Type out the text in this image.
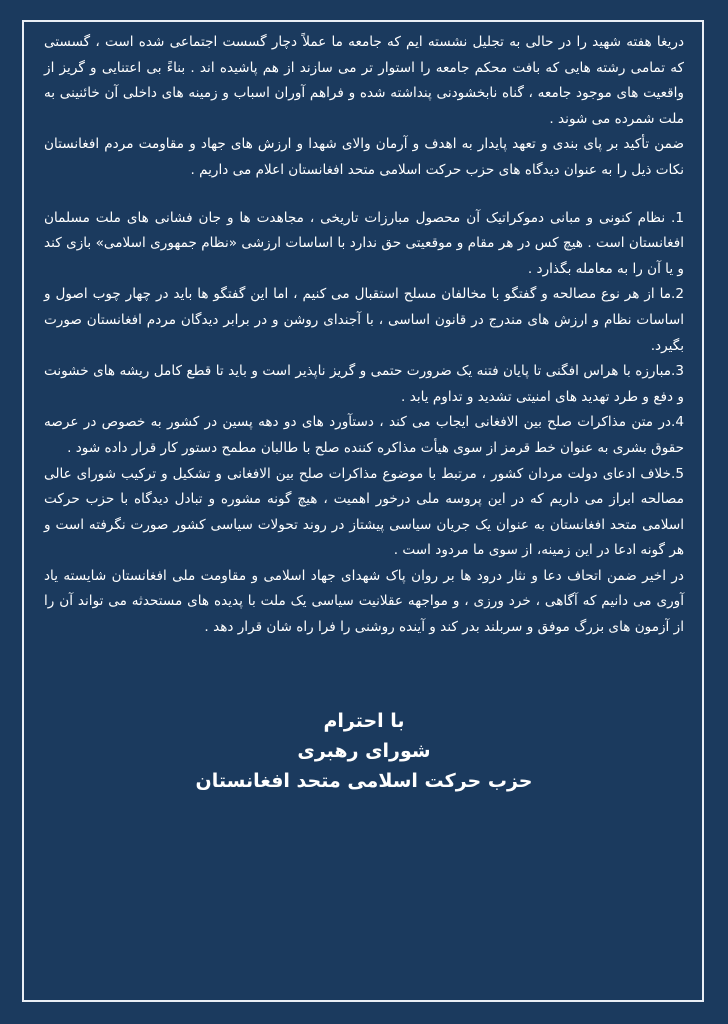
دریغا هفته شهید را در حالی به تجلیل نشسته ایم که جامعه ما عملاً دچار گسست اجتماعی شده است ، گسستی که تمامی رشته هایی که بافت محکم جامعه را استوار تر می سازند از هم پاشیده اند . بناءً بی اعتنایی و گریز از واقعیت های موجود جامعه ، گناه نابخشودنی پنداشته شده و فراهم آوران اسباب و زمینه های داخلی آن خائنینی به ملت شمرده می شوند .

ضمن تأکید بر پای بندی و تعهد پایدار به اهدف و آرمان والای شهدا و ارزش های جهاد و مقاومت مردم افغانستان نکات ذیل را به عنوان دیدگاه های حزب حرکت اسلامی متحد افغانستان اعلام می داریم .

1. نظام کنونی و مبانی دموکراتیک آن محصول مبارزات تاریخی ، مجاهدت ها و جان فشانی های ملت مسلمان افغانستان است . هیچ کس در هر مقام و موقعیتی حق ندارد با اساسات ارزشی «نظام جمهوری اسلامی» بازی کند و یا آن را به معامله بگذارد .

2.ما از هر نوع مصالحه و گفتگو با مخالفان مسلح استقبال می کنیم ، اما این گفتگو ها باید در چهار چوب اصول و اساسات نظام و ارزش های مندرج در قانون اساسی ، با آجندای روشن و در برابر دیدگان مردم افغانستان صورت بگیرد.

3.مبارزه با هراس افگنی تا پایان فتنه یک ضرورت حتمی و گریز ناپذیر است و باید تا قطع کامل ریشه های خشونت و دفع و طرد تهدید های امنیتی تشدید و تداوم یابد .

4.در متن مذاکرات صلح بین الافغانی ایجاب می کند ، دستآورد های دو دهه پسین در کشور به خصوص در عرصه حقوق بشری به عنوان خط قرمز از سوی هیأت مذاکره کننده صلح با طالبان مطمح دستور کار قرار داده شود .

5.خلاف ادعای دولت مردان کشور ، مرتبط با موضوع مذاکرات صلح بین الافغانی و تشکیل و ترکیب شورای عالی مصالحه ابراز می داریم که در این پروسه ملی درخور اهمیت ، هیچ گونه مشوره و تبادل دیدگاه با حزب حرکت اسلامی متحد افغانستان به عنوان یک جریان سیاسی پیشتاز در روند تحولات سیاسی کشور صورت نگرفته است و هر گونه ادعا در این زمینه، از سوی ما مردود است .

در اخیر ضمن اتحاف دعا و نثار درود ها بر روان پاک شهدای جهاد اسلامی و مقاومت ملی افغانستان شایسته یاد آوری می دانیم که آگاهی ، خرد ورزی ، و مواجهه عقلانیت سیاسی یک ملت با پدیده های مستحدثه می تواند آن را از آزمون های بزرگ موفق و سربلند بدر کند و آینده روشنی را فرا راه شان قرار دهد .

با احترام
شورای رهبری
حزب حرکت اسلامی متحد افغانستان
